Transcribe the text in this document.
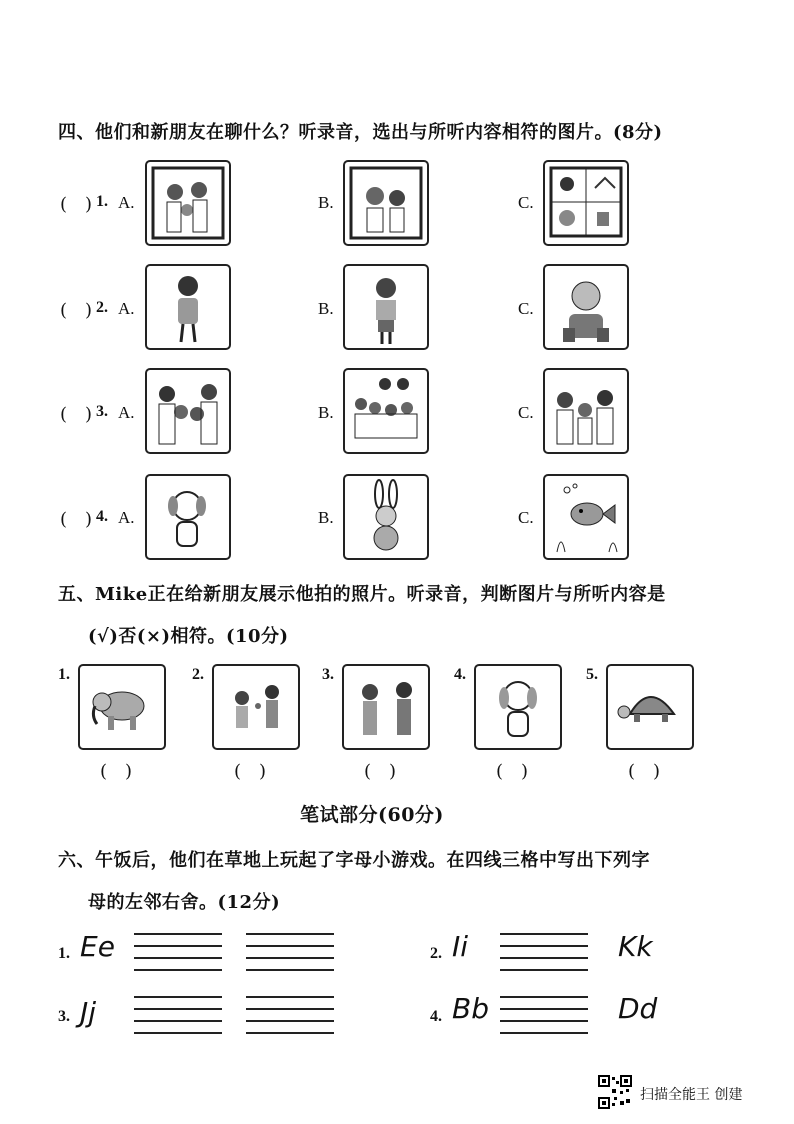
四、他们和新朋友在聊什么？听录音，选出与所听内容相符的图片。(8分)
(　) 1. A.	B.	C.
(　) 2. A.	B.	C.
(　) 3. A.	B.	C.
(　) 4. A.	B.	C.
五、Mike正在给新朋友展示他拍的照片。听录音，判断图片与所听内容是
(√)否(×)相符。(10分)
1.
(　)
2.
(　)
3.
(　)
4.
(　)
5.
(　)
笔试部分(60分)
六、午饭后，他们在草地上玩起了字母小游戏。在四线三格中写出下列字
母的左邻右舍。(12分)
1. Ee	2. Ii	Kk
3. Jj	4. Bb	Dd
扫描全能王 创建
